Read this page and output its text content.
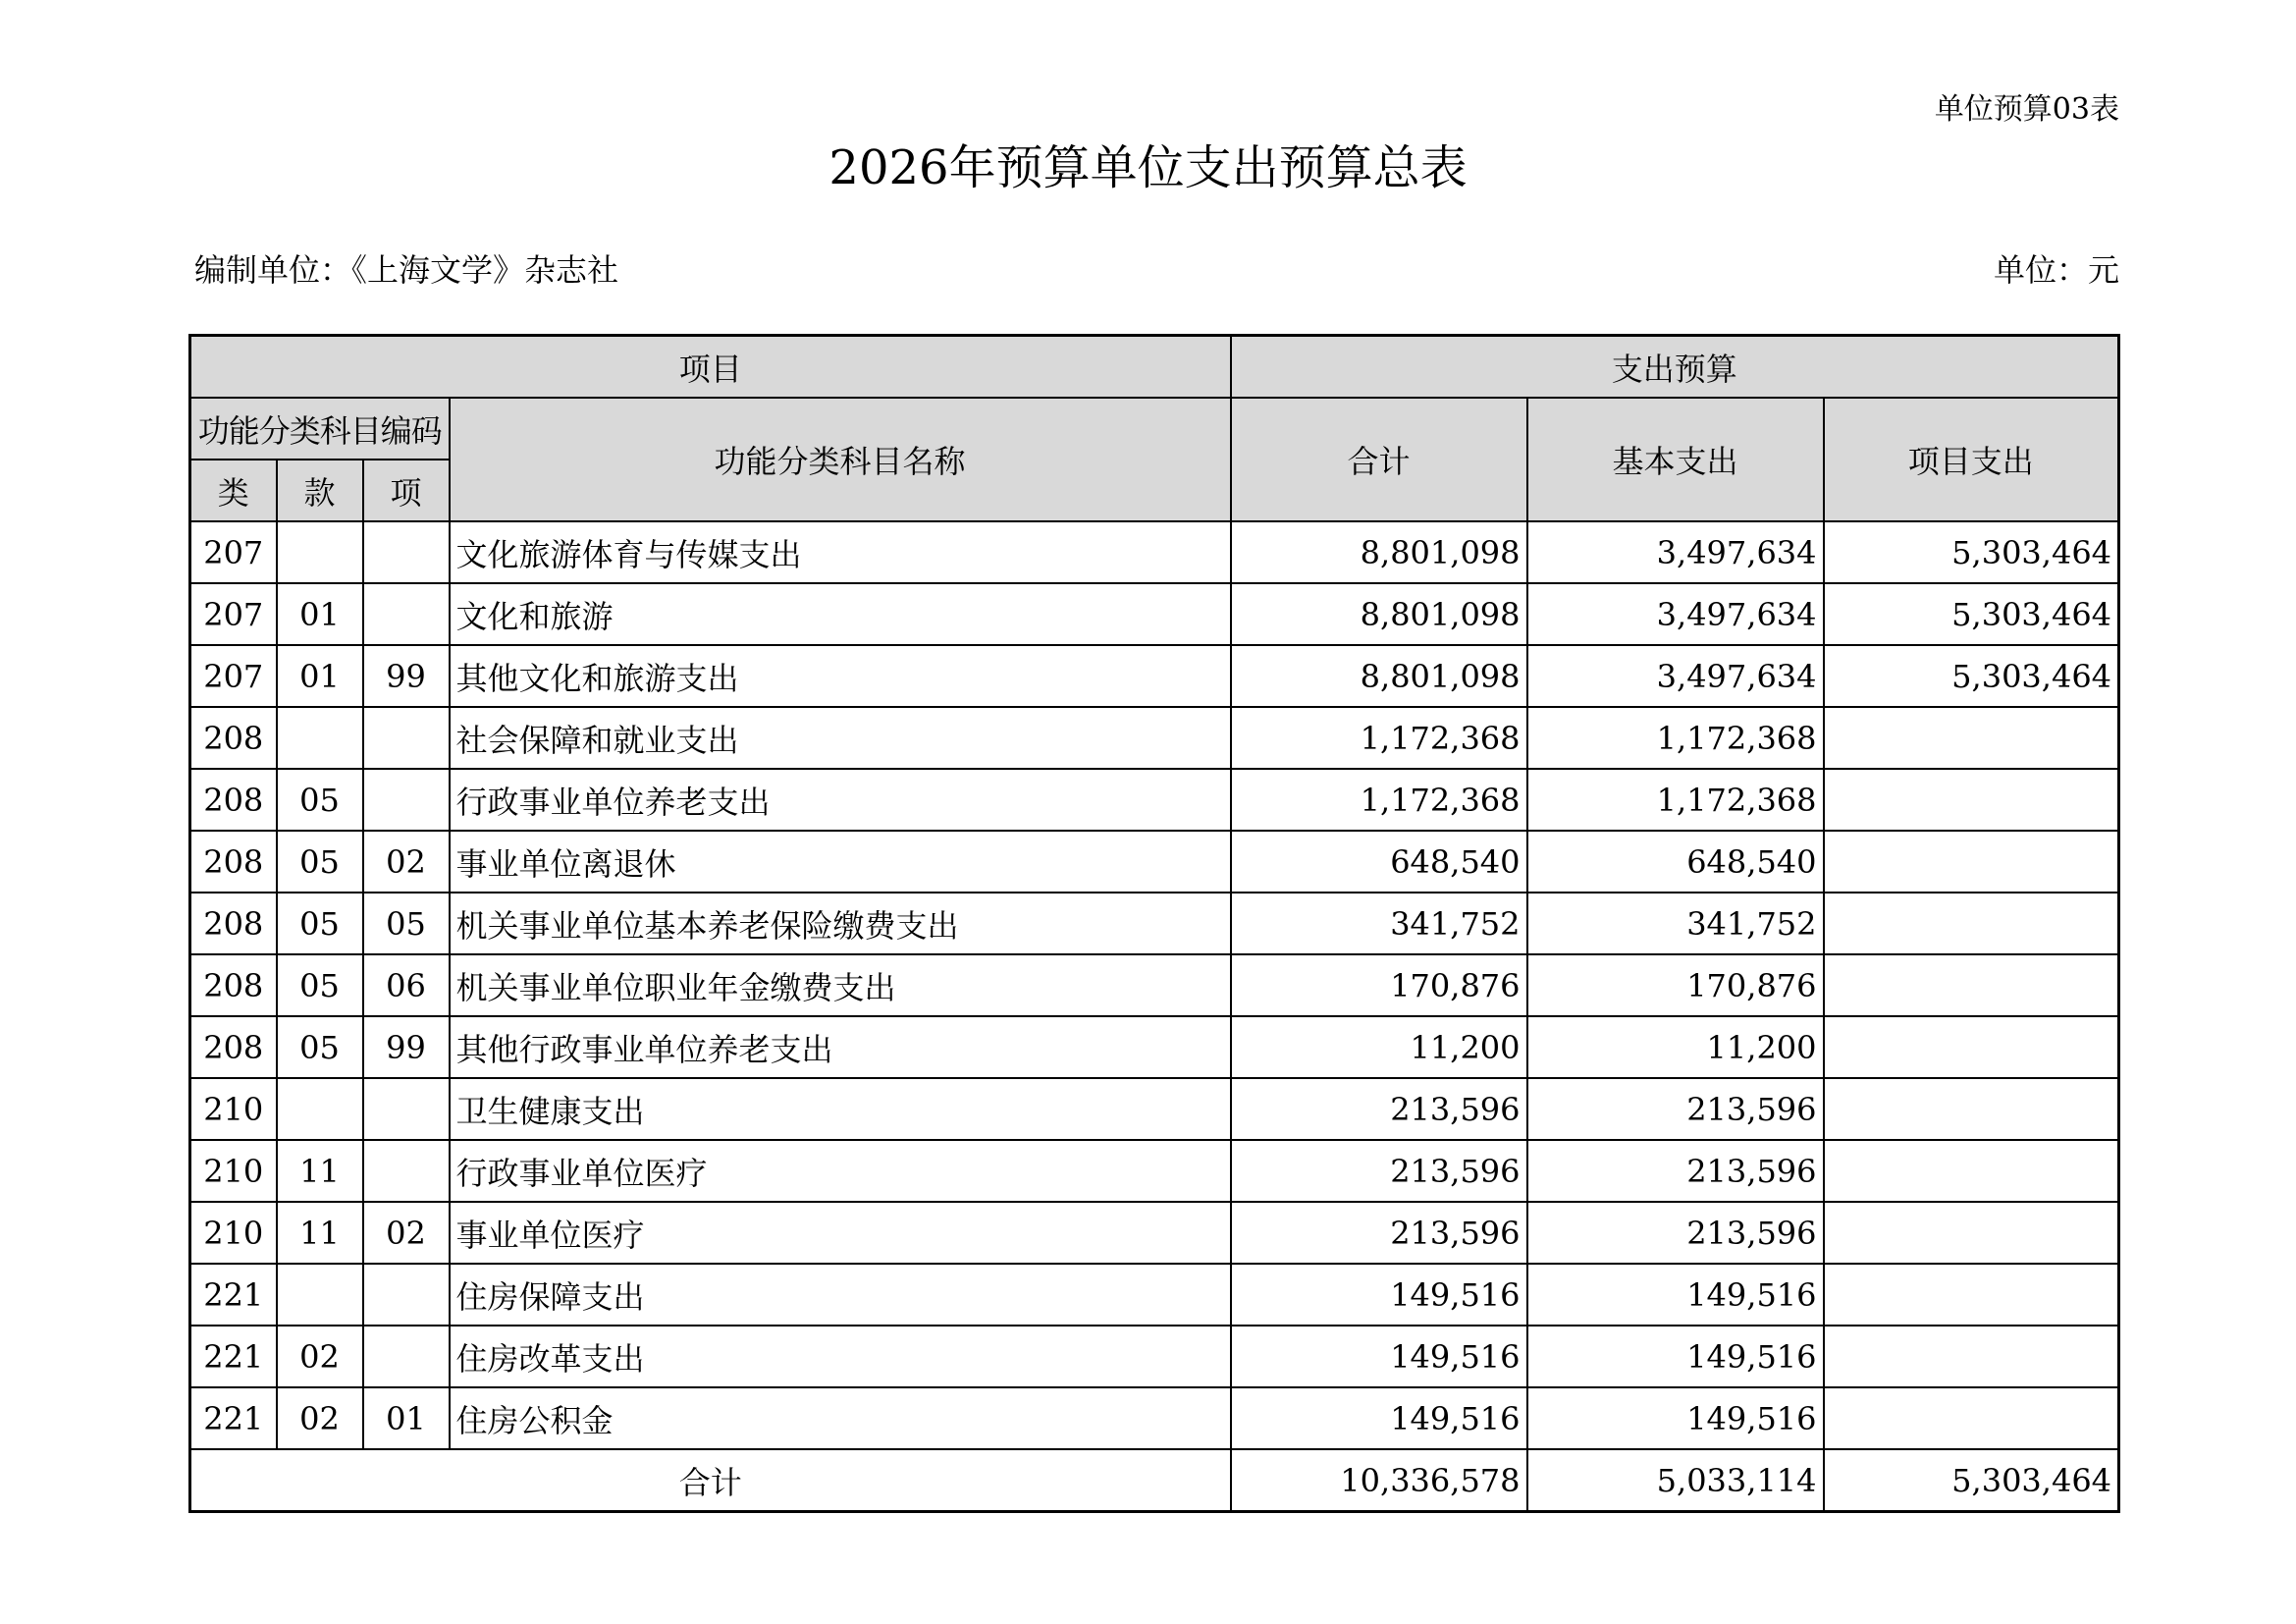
单位预算03表
2026年预算单位支出预算总表
编制单位：《上海文学》杂志社	单位：元
项目				支出预算		
功能分类科目编码			功能分类科目名称	合计	基本支出	项目支出
类	款	项				
207			文化旅游体育与传媒支出	8,801,098	3,497,634	5,303,464
207	01		文化和旅游	8,801,098	3,497,634	5,303,464
207	01	99	其他文化和旅游支出	8,801,098	3,497,634	5,303,464
208			社会保障和就业支出	1,172,368	1,172,368	
208	05		行政事业单位养老支出	1,172,368	1,172,368	
208	05	02	事业单位离退休	648,540	648,540	
208	05	05	机关事业单位基本养老保险缴费支出	341,752	341,752	
208	05	06	机关事业单位职业年金缴费支出	170,876	170,876	
208	05	99	其他行政事业单位养老支出	11,200	11,200	
210			卫生健康支出	213,596	213,596	
210	11		行政事业单位医疗	213,596	213,596	
210	11	02	事业单位医疗	213,596	213,596	
221			住房保障支出	149,516	149,516	
221	02		住房改革支出	149,516	149,516	
221	02	01	住房公积金	149,516	149,516	
合计				10,336,578	5,033,114	5,303,464
